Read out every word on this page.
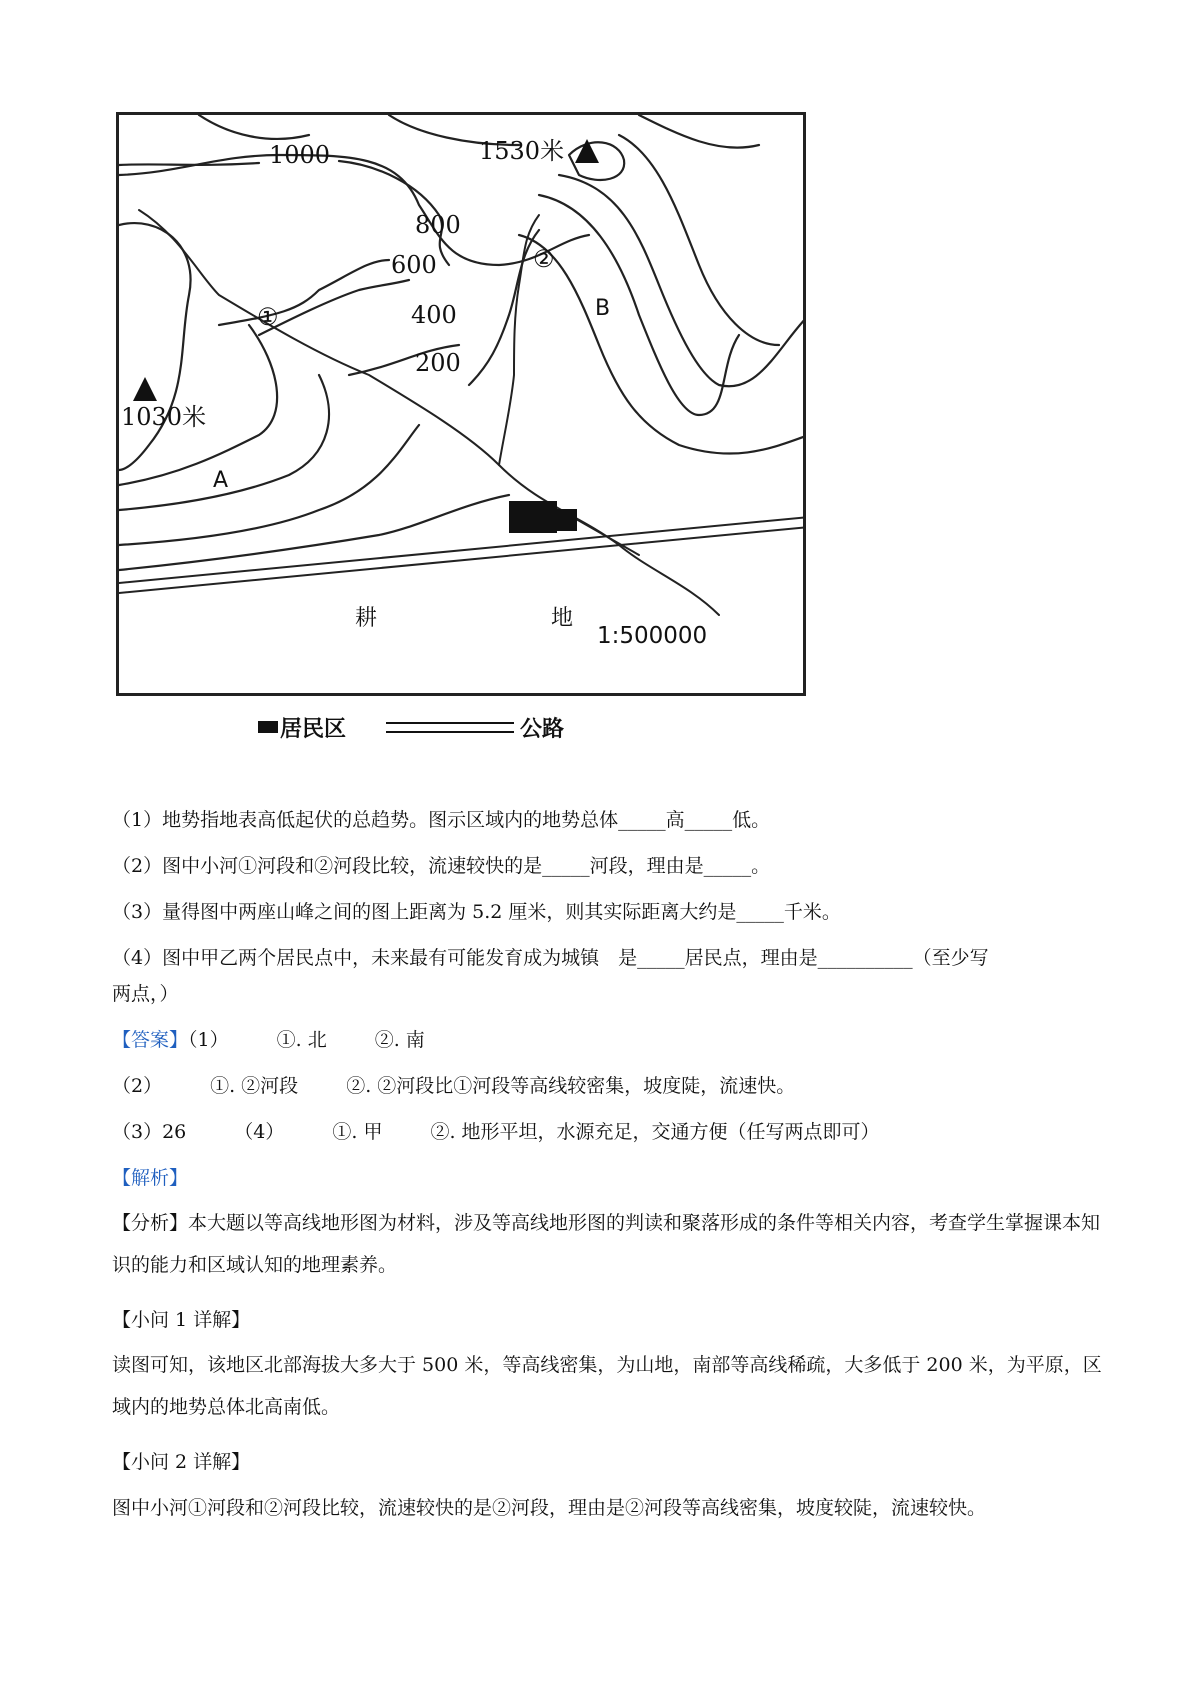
1000
800
600
400
200
1530米
1030米
①
②
A
B
耕	地
1:500000
居民区	公路
（1）地势指地表高低起伏的总趋势。图示区域内的地势总体_____高_____低。
（2）图中小河①河段和②河段比较，流速较快的是_____河段，理由是_____。
（3）量得图中两座山峰之间的图上距离为 5.2 厘米，则其实际距离大约是_____千米。
（4）图中甲乙两个居民点中，未来最有可能发育成为城镇　是_____居民点，理由是__________（至少写
两点，）
【答案】（1）	①. 北	②. 南
（2）	①. ②河段	②. ②河段比①河段等高线较密集，坡度陡，流速快。
（3）26	（4）	①. 甲	②. 地形平坦，水源充足，交通方便（任写两点即可）
【解析】
【分析】本大题以等高线地形图为材料，涉及等高线地形图的判读和聚落形成的条件等相关内容，考查学生掌握课本知识的能力和区域认知的地理素养。
【小问 1 详解】
读图可知，该地区北部海拔大多大于 500 米，等高线密集，为山地，南部等高线稀疏，大多低于 200 米，为平原，区域内的地势总体北高南低。
【小问 2 详解】
图中小河①河段和②河段比较，流速较快的是②河段，理由是②河段等高线密集，坡度较陡，流速较快。
